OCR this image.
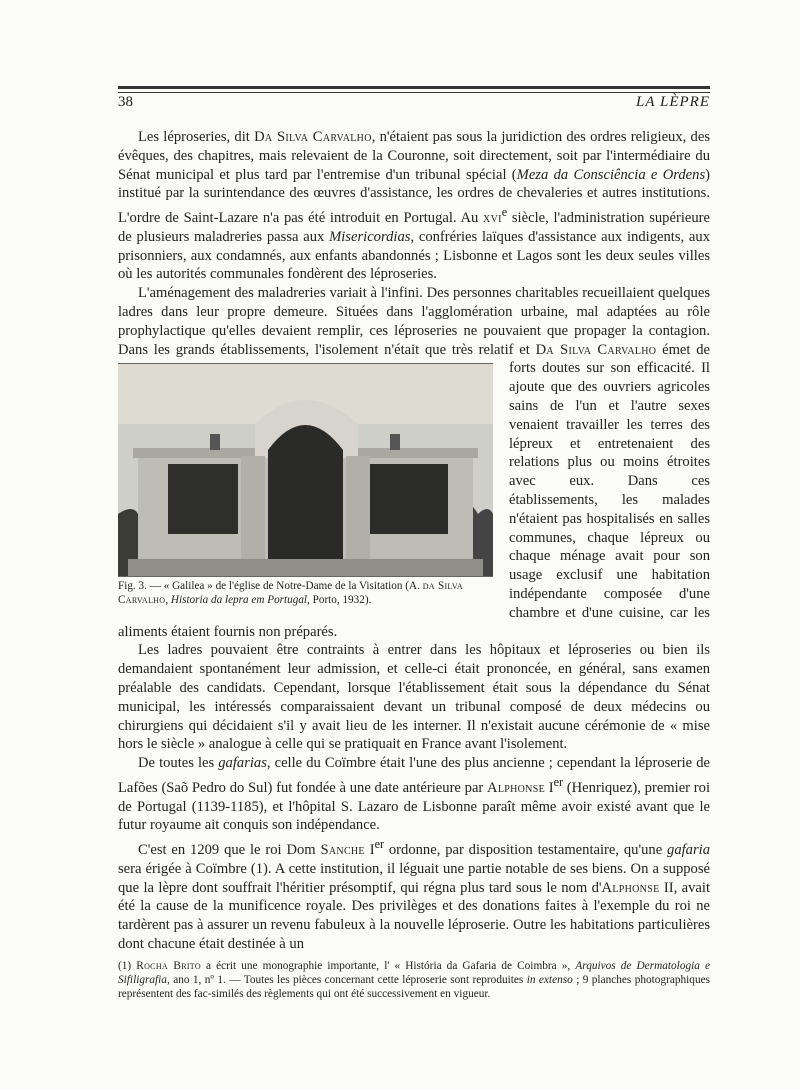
38	LA LÈPRE

Les léproseries, dit Da Silva Carvalho, n'étaient pas sous la juridiction des ordres religieux, des évêques, des chapitres, mais relevaient de la Couronne, soit directement, soit par l'intermédiaire du Sénat municipal et plus tard par l'entremise d'un tribunal spécial (Meza da Consciência e Ordens) institué par la surintendance des œuvres d'assistance, les ordres de chevaleries et autres institutions. L'ordre de Saint-Lazare n'a pas été introduit en Portugal. Au xvi$^e$ siècle, l'administration supérieure de plusieurs maladreries passa aux Misericordias, confréries laïques d'assistance aux indigents, aux prisonniers, aux condamnés, aux enfants abandonnés ; Lisbonne et Lagos sont les deux seules villes où les autorités communales fondèrent des léproseries.

L'aménagement des maladreries variait à l'infini. Des personnes charitables recueillaient quelques ladres dans leur propre demeure. Situées dans l'agglomération urbaine, mal adaptées au rôle prophylactique qu'elles devaient remplir, ces léproseries ne pouvaient que propager la contagion. Dans les grands établissements, l'isolement n'était que très relatif et
Fig. 3. — « Galilea » de l'église de Notre-Dame de la Visitation (A. da Silva Carvalho, Historia da lepra em Portugal, Porto, 1932).
Da Silva Carvalho émet de forts doutes sur son efficacité. Il ajoute que des ouvriers agricoles sains de l'un et l'autre sexes venaient travailler les terres des lépreux et entretenaient des relations plus ou moins étroites avec eux. Dans ces établissements, les malades n'étaient pas hospitalisés en salles communes, chaque lépreux ou chaque ménage avait pour son usage exclusif une habitation indépendante composée d'une chambre et d'une cuisine, car les aliments étaient fournis non préparés.

Les ladres pouvaient être contraints à entrer dans les hôpitaux et léproseries ou bien ils demandaient spontanément leur admission, et celle-ci était prononcée, en général, sans examen préalable des candidats. Cependant, lorsque l'établissement était sous la dépendance du Sénat municipal, les intéressés comparaissaient devant un tribunal composé de deux médecins ou chirurgiens qui décidaient s'il y avait lieu de les interner. Il n'existait aucune cérémonie de « mise hors le siècle » analogue à celle qui se pratiquait en France avant l'isolement.

De toutes les gafarias, celle du Coïmbre était l'une des plus ancienne ; cependant la léproserie de Lafões (Saõ Pedro do Sul) fut fondée à une date antérieure par Alphonse Ier (Henriquez), premier roi de Portugal (1139-1185), et l'hôpital S. Lazaro de Lisbonne paraît même avoir existé avant que le futur royaume ait conquis son indépendance.

C'est en 1209 que le roi Dom Sanche Ier ordonne, par disposition testamentaire, qu'une gafaria sera érigée à Coïmbre (1). A cette institution, il léguait une partie notable de ses biens. On a supposé que la lèpre dont souffrait l'héritier présomptif, qui régna plus tard sous le nom d'Alphonse II, avait été la cause de la munificence royale. Des privilèges et des donations faites à l'exemple du roi ne tardèrent pas à assurer un revenu fabuleux à la nouvelle léproserie. Outre les habitations particulières dont chacune était destinée à un

(1) Rocha Brito a écrit une monographie importante, l' « História da Gafaria de Coimbra », Arquivos de Dermatologia e Sifiligrafia, ano 1, nº 1. — Toutes les pièces concernant cette léproserie sont reproduites in extenso ; 9 planches photographiques représentent des fac-similés des règlements qui ont été successivement en vigueur.
